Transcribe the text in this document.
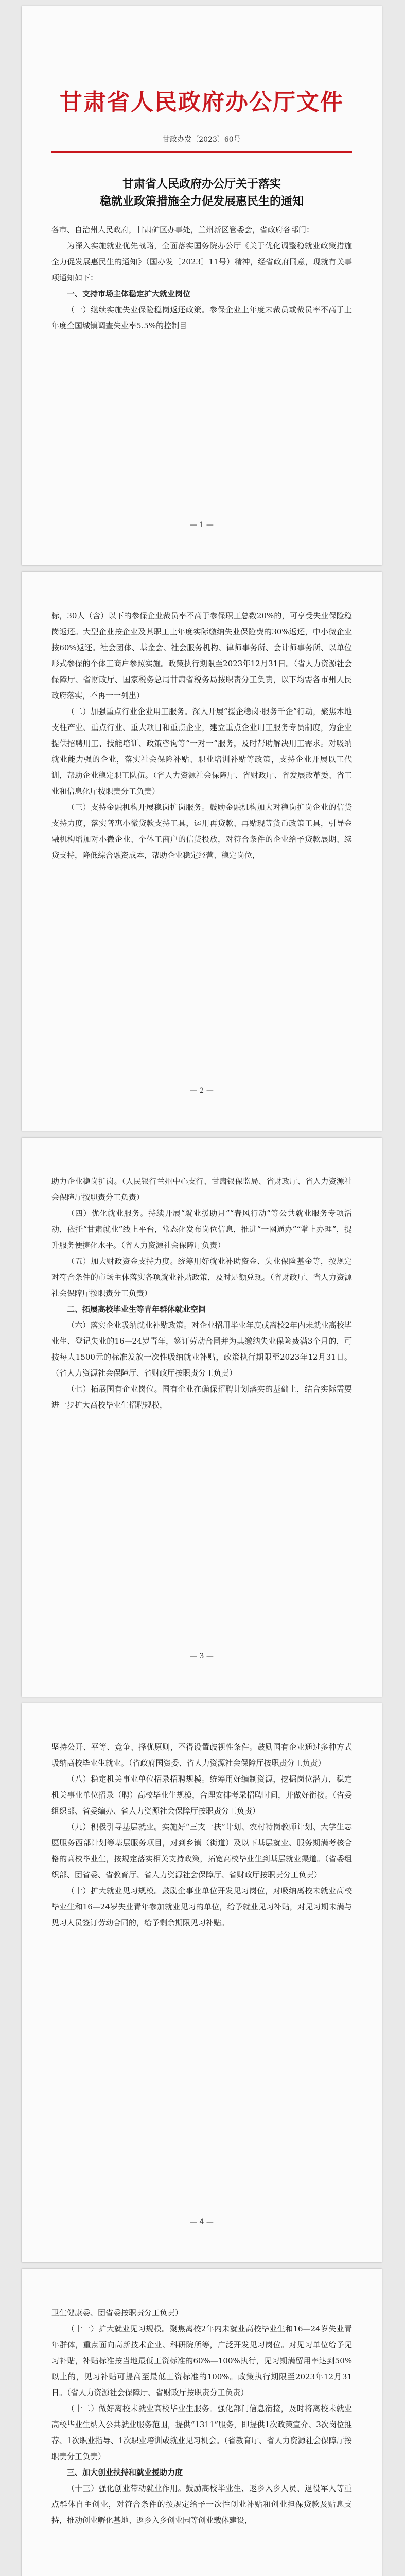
甘肃省人民政府办公厅文件
甘政办发〔2023〕60号
甘肃省人民政府办公厅关于落实
稳就业政策措施全力促发展惠民生的通知
各市、自治州人民政府，甘肃矿区办事处，兰州新区管委会，省政府各部门：

为深入实施就业优先战略，全面落实国务院办公厅《关于优化调整稳就业政策措施全力促发展惠民生的通知》（国办发〔2023〕11号）精神，经省政府同意，现就有关事项通知如下：

一、支持市场主体稳定扩大就业岗位

（一）继续实施失业保险稳岗返还政策。参保企业上年度未裁员或裁员率不高于上年度全国城镇调查失业率5.5%的控制目

— 1 —

标，30人（含）以下的参保企业裁员率不高于参保职工总数20%的，可享受失业保险稳岗返还。大型企业按企业及其职工上年度实际缴纳失业保险费的30%返还，中小微企业按60%返还。社会团体、基金会、社会服务机构、律师事务所、会计师事务所、以单位形式参保的个体工商户参照实施。政策执行期限至2023年12月31日。（省人力资源社会保障厅、省财政厅、国家税务总局甘肃省税务局按职责分工负责，以下均需各市州人民政府落实，不再一一列出）

（二）加强重点行业企业用工服务。深入开展“援企稳岗·服务千企”行动，聚焦本地支柱产业、重点行业、重大项目和重点企业，建立重点企业用工服务专员制度，为企业提供招聘用工、技能培训、政策咨询等“一对一”服务，及时帮助解决用工需求。对吸纳就业能力强的企业，落实社会保险补贴、职业培训补贴等政策，支持企业开展以工代训，帮助企业稳定职工队伍。（省人力资源社会保障厅、省财政厅、省发展改革委、省工业和信息化厅按职责分工负责）

（三）支持金融机构开展稳岗扩岗服务。鼓励金融机构加大对稳岗扩岗企业的信贷支持力度，落实普惠小微贷款支持工具，运用再贷款、再贴现等货币政策工具，引导金融机构增加对小微企业、个体工商户的信贷投放，对符合条件的企业给予贷款展期、续贷支持，降低综合融资成本，帮助企业稳定经营、稳定岗位，

— 2 —

助力企业稳岗扩岗。（人民银行兰州中心支行、甘肃银保监局、省财政厅、省人力资源社会保障厅按职责分工负责）

（四）优化就业服务。持续开展“就业援助月”“春风行动”等公共就业服务专项活动，依托“甘肃就业”线上平台，常态化发布岗位信息，推进“一网通办”“掌上办理”，提升服务便捷化水平。（省人力资源社会保障厅负责）

（五）加大财政资金支持力度。统筹用好就业补助资金、失业保险基金等，按规定对符合条件的市场主体落实各项就业补贴政策，及时足额兑现。（省财政厅、省人力资源社会保障厅按职责分工负责）

二、拓展高校毕业生等青年群体就业空间

（六）落实企业吸纳就业补贴政策。对企业招用毕业年度或离校2年内未就业高校毕业生、登记失业的16—24岁青年，签订劳动合同并为其缴纳失业保险费满3个月的，可按每人1500元的标准发放一次性吸纳就业补贴，政策执行期限至2023年12月31日。（省人力资源社会保障厅、省财政厅按职责分工负责）

（七）拓展国有企业岗位。国有企业在确保招聘计划落实的基础上，结合实际需要进一步扩大高校毕业生招聘规模，

— 3 —

坚持公开、平等、竞争、择优原则，不得设置歧视性条件。鼓励国有企业通过多种方式吸纳高校毕业生就业。（省政府国资委、省人力资源社会保障厅按职责分工负责）

（八）稳定机关事业单位招录招聘规模。统筹用好编制资源，挖掘岗位潜力，稳定机关事业单位招录（聘）高校毕业生规模，合理安排考录招聘时间，并做好衔接。（省委组织部、省委编办、省人力资源社会保障厅按职责分工负责）

（九）积极引导基层就业。实施好“三支一扶”计划、农村特岗教师计划、大学生志愿服务西部计划等基层服务项目，对到乡镇（街道）及以下基层就业、服务期满考核合格的高校毕业生，按规定落实相关支持政策，拓宽高校毕业生到基层就业渠道。（省委组织部、团省委、省教育厅、省人力资源社会保障厅、省财政厅按职责分工负责）

（十）扩大就业见习规模。鼓励企事业单位开发见习岗位，对吸纳离校未就业高校毕业生和16—24岁失业青年参加就业见习的单位，给予就业见习补贴，对见习期未满与见习人员签订劳动合同的，给予剩余期限见习补贴。

— 4 —

卫生健康委、团省委按职责分工负责）

（十一）扩大就业见习规模。聚焦离校2年内未就业高校毕业生和16—24岁失业青年群体，重点面向高新技术企业、科研院所等，广泛开发见习岗位。对见习单位给予见习补贴，补贴标准按当地最低工资标准的60%—100%执行，见习期满留用率达到50%以上的，见习补贴可提高至最低工资标准的100%。政策执行期限至2023年12月31日。（省人力资源社会保障厅、省财政厅按职责分工负责）

（十二）做好离校未就业高校毕业生服务。强化部门信息衔接，及时将离校未就业高校毕业生纳入公共就业服务范围，提供“1311”服务，即提供1次政策宣介、3次岗位推荐、1次职业指导、1次职业培训或就业见习机会。（省教育厅、省人力资源社会保障厅按职责分工负责）

三、加大创业扶持和就业援助力度

（十三）强化创业带动就业作用。鼓励高校毕业生、返乡入乡人员、退役军人等重点群体自主创业，对符合条件的按规定给予一次性创业补贴和创业担保贷款及贴息支持，推动创业孵化基地、返乡入乡创业园等创业载体建设，
